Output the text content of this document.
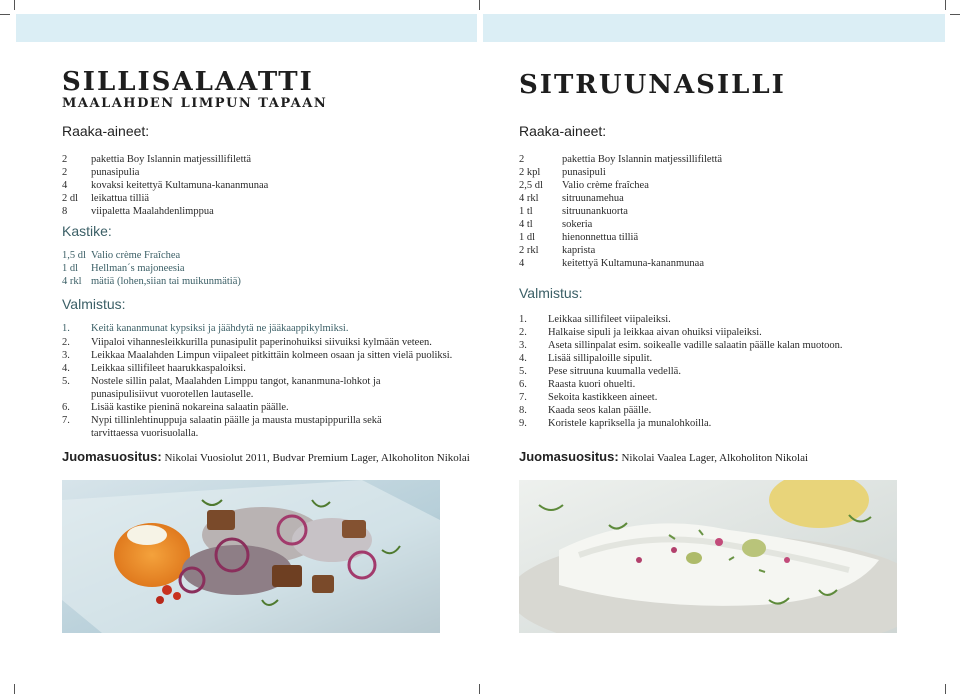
SILLISALAATTI
MAALAHDEN LIMPUN TAPAAN
Raaka-aineet:
2 pakettia Boy Islannin matjessillifilettä
2 punasipulia
4 kovaksi keitettyä Kultamuna-kananmunaa
2 dl leikattua tilliä
8 viipaletta Maalahdenlimppua
Kastike:
1,5 dl Valio crème Fraîchea
1 dl Hellman´s majoneesia
4 rkl mätiä (lohen,siian tai muikunmätiä)
Valmistus:
1. Keitä kananmunat kypsiksi ja jäähdytä ne jääkaappikylmiksi.
2. Viipaloi vihannesleikkurilla punasipulit paperinohuiksi siivuiksi kylmään veteen.
3. Leikkaa Maalahden Limpun viipaleet pitkittäin kolmeen osaan ja sitten vielä puoliksi.
4. Leikkaa sillifileet haarukkaspaloiksi.
5. Nostele sillin palat, Maalahden Limppu tangot, kananmuna-lohkot ja
punasipulisiivut vuorotellen lautaselle.
6. Lisää kastike pieninä nokareina salaatin päälle.
7. Nypi tillinlehtinuppuja salaatin päälle ja mausta mustapippurilla sekä
tarvittaessa vuorisuolalla.
Juomasuositus: Nikolai Vuosiolut 2011, Budvar Premium Lager, Alkoholiton Nikolai
SITRUUNASILLI
Raaka-aineet:
2	pakettia Boy Islannin matjessillifilettä
2 kpl punasipuli
2,5 dl Valio crème fraîchea
4 rkl sitruunamehua
1 tl	sitruunankuorta
4 tl	sokeria
1 dl	hienonnettua tilliä
2 rkl kaprista
4	keitettyä Kultamuna-kananmunaa
Valmistus:
1. Leikkaa sillifileet viipaleiksi.
2. Halkaise sipuli ja leikkaa aivan ohuiksi viipaleiksi.
3. Aseta sillinpalat esim. soikealle vadille salaatin päälle kalan muotoon.
4. Lisää sillipaloille sipulit.
5. Pese sitruuna kuumalla vedellä.
6. Raasta kuori ohuelti.
7. Sekoita kastikkeen aineet.
8. Kaada seos kalan päälle.
9. Koristele kapriksella ja munalohkoilla.
Juomasuositus: Nikolai Vaalea Lager, Alkoholiton Nikolai
